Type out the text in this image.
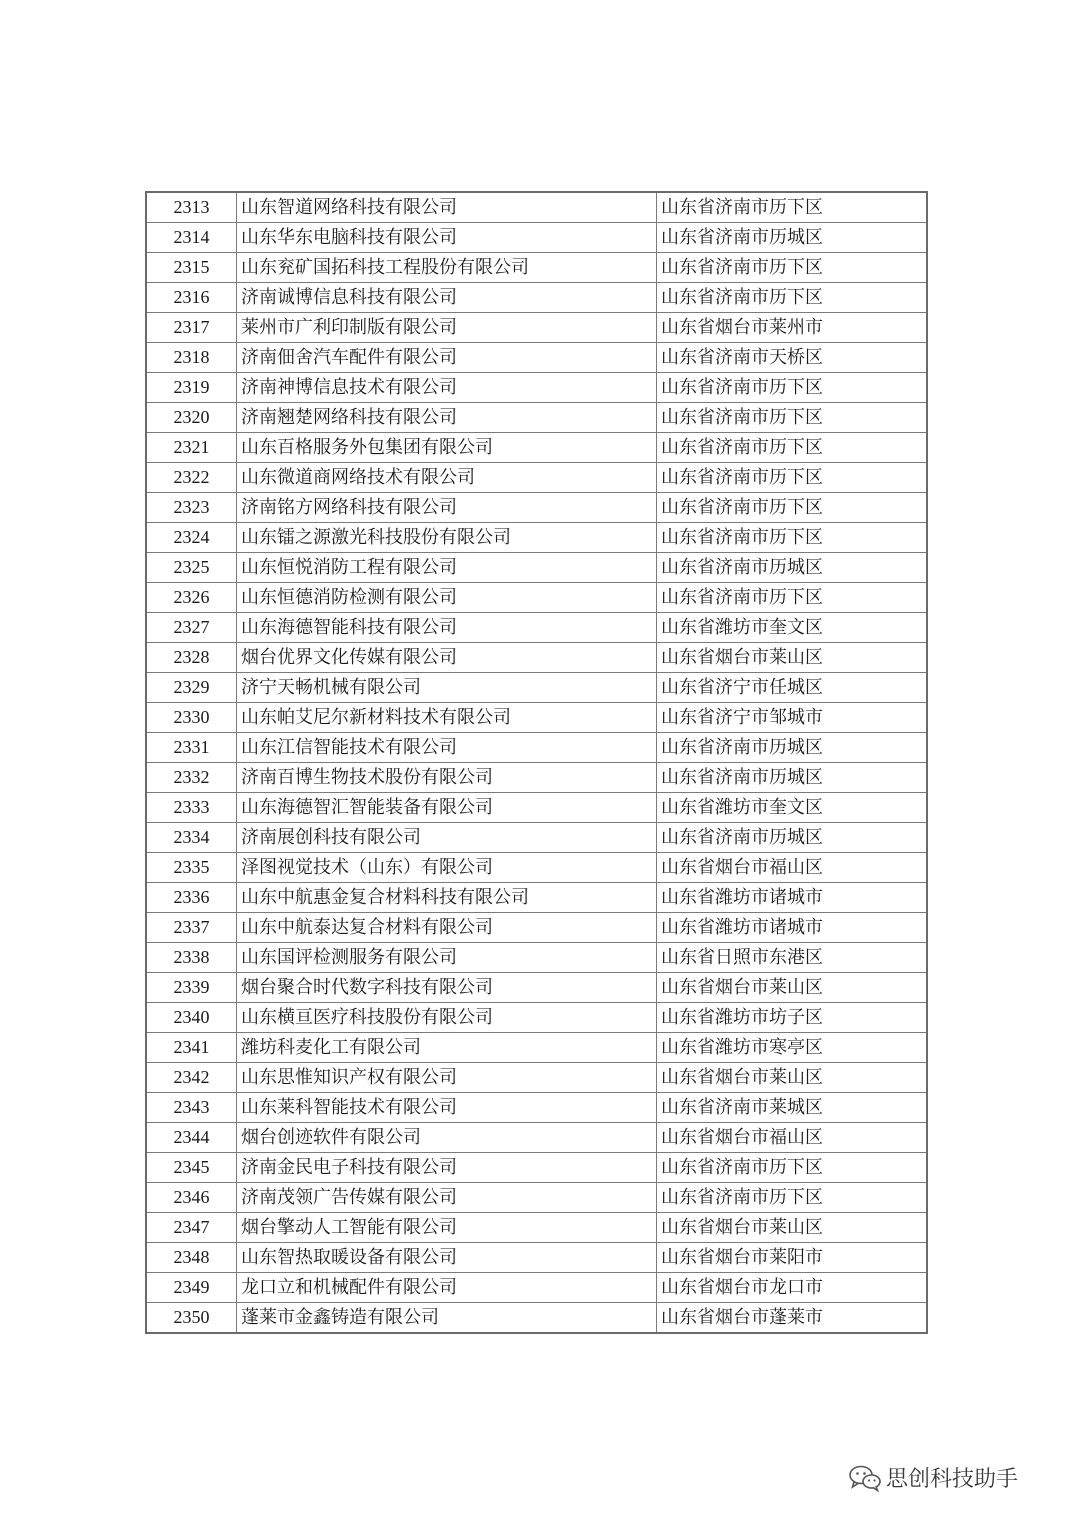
2313	山东智道网络科技有限公司	山东省济南市历下区
2314	山东华东电脑科技有限公司	山东省济南市历城区
2315	山东兖矿国拓科技工程股份有限公司	山东省济南市历下区
2316	济南诚博信息科技有限公司	山东省济南市历下区
2317	莱州市广利印制版有限公司	山东省烟台市莱州市
2318	济南佃舍汽车配件有限公司	山东省济南市天桥区
2319	济南神博信息技术有限公司	山东省济南市历下区
2320	济南翘楚网络科技有限公司	山东省济南市历下区
2321	山东百格服务外包集团有限公司	山东省济南市历下区
2322	山东微道商网络技术有限公司	山东省济南市历下区
2323	济南铭方网络科技有限公司	山东省济南市历下区
2324	山东镭之源激光科技股份有限公司	山东省济南市历下区
2325	山东恒悦消防工程有限公司	山东省济南市历城区
2326	山东恒德消防检测有限公司	山东省济南市历下区
2327	山东海德智能科技有限公司	山东省潍坊市奎文区
2328	烟台优界文化传媒有限公司	山东省烟台市莱山区
2329	济宁天畅机械有限公司	山东省济宁市任城区
2330	山东帕艾尼尔新材料技术有限公司	山东省济宁市邹城市
2331	山东江信智能技术有限公司	山东省济南市历城区
2332	济南百博生物技术股份有限公司	山东省济南市历城区
2333	山东海德智汇智能装备有限公司	山东省潍坊市奎文区
2334	济南展创科技有限公司	山东省济南市历城区
2335	泽图视觉技术（山东）有限公司	山东省烟台市福山区
2336	山东中航惠金复合材料科技有限公司	山东省潍坊市诸城市
2337	山东中航泰达复合材料有限公司	山东省潍坊市诸城市
2338	山东国评检测服务有限公司	山东省日照市东港区
2339	烟台聚合时代数字科技有限公司	山东省烟台市莱山区
2340	山东横亘医疗科技股份有限公司	山东省潍坊市坊子区
2341	潍坊科麦化工有限公司	山东省潍坊市寒亭区
2342	山东思惟知识产权有限公司	山东省烟台市莱山区
2343	山东莱科智能技术有限公司	山东省济南市莱城区
2344	烟台创迹软件有限公司	山东省烟台市福山区
2345	济南金民电子科技有限公司	山东省济南市历下区
2346	济南茂领广告传媒有限公司	山东省济南市历下区
2347	烟台擎动人工智能有限公司	山东省烟台市莱山区
2348	山东智热取暖设备有限公司	山东省烟台市莱阳市
2349	龙口立和机械配件有限公司	山东省烟台市龙口市
2350	蓬莱市金鑫铸造有限公司	山东省烟台市蓬莱市
思创科技助手
